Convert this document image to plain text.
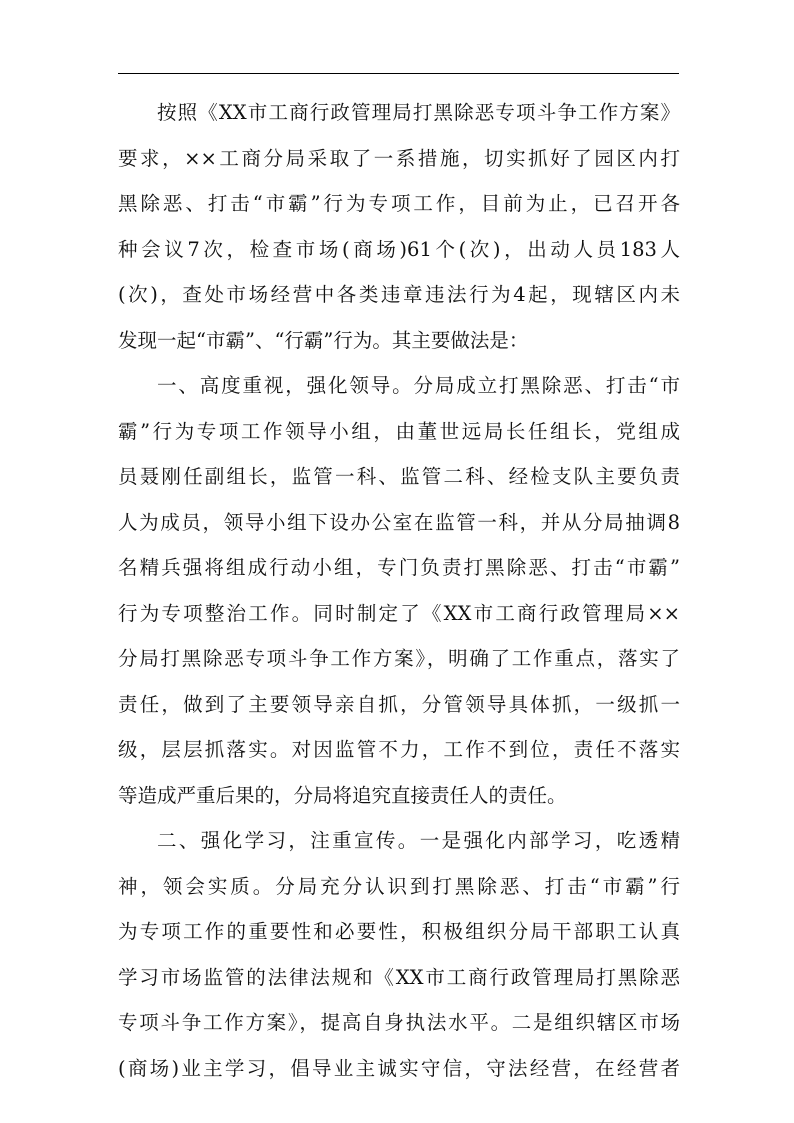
按照《XX市工商行政管理局打黑除恶专项斗争工作方案》
要求，××工商分局采取了一系措施，切实抓好了园区内打
黑除恶、打击“市霸”行为专项工作，目前为止，已召开各
种会议7次，检查市场(商场)61个(次)，出动人员183人
(次)，查处市场经营中各类违章违法行为4起，现辖区内未
发现一起“市霸”、“行霸”行为。其主要做法是：
一、高度重视，强化领导。分局成立打黑除恶、打击“市
霸”行为专项工作领导小组，由董世远局长任组长，党组成
员聂刚任副组长，监管一科、监管二科、经检支队主要负责
人为成员，领导小组下设办公室在监管一科，并从分局抽调8
名精兵强将组成行动小组，专门负责打黑除恶、打击“市霸”
行为专项整治工作。同时制定了《XX市工商行政管理局××
分局打黑除恶专项斗争工作方案》，明确了工作重点，落实了
责任，做到了主要领导亲自抓，分管领导具体抓，一级抓一
级，层层抓落实。对因监管不力，工作不到位，责任不落实
等造成严重后果的，分局将追究直接责任人的责任。
二、强化学习，注重宣传。一是强化内部学习，吃透精
神，领会实质。分局充分认识到打黑除恶、打击“市霸”行
为专项工作的重要性和必要性，积极组织分局干部职工认真
学习市场监管的法律法规和《XX市工商行政管理局打黑除恶
专项斗争工作方案》，提高自身执法水平。二是组织辖区市场
(商场)业主学习，倡导业主诚实守信，守法经营，在经营者
